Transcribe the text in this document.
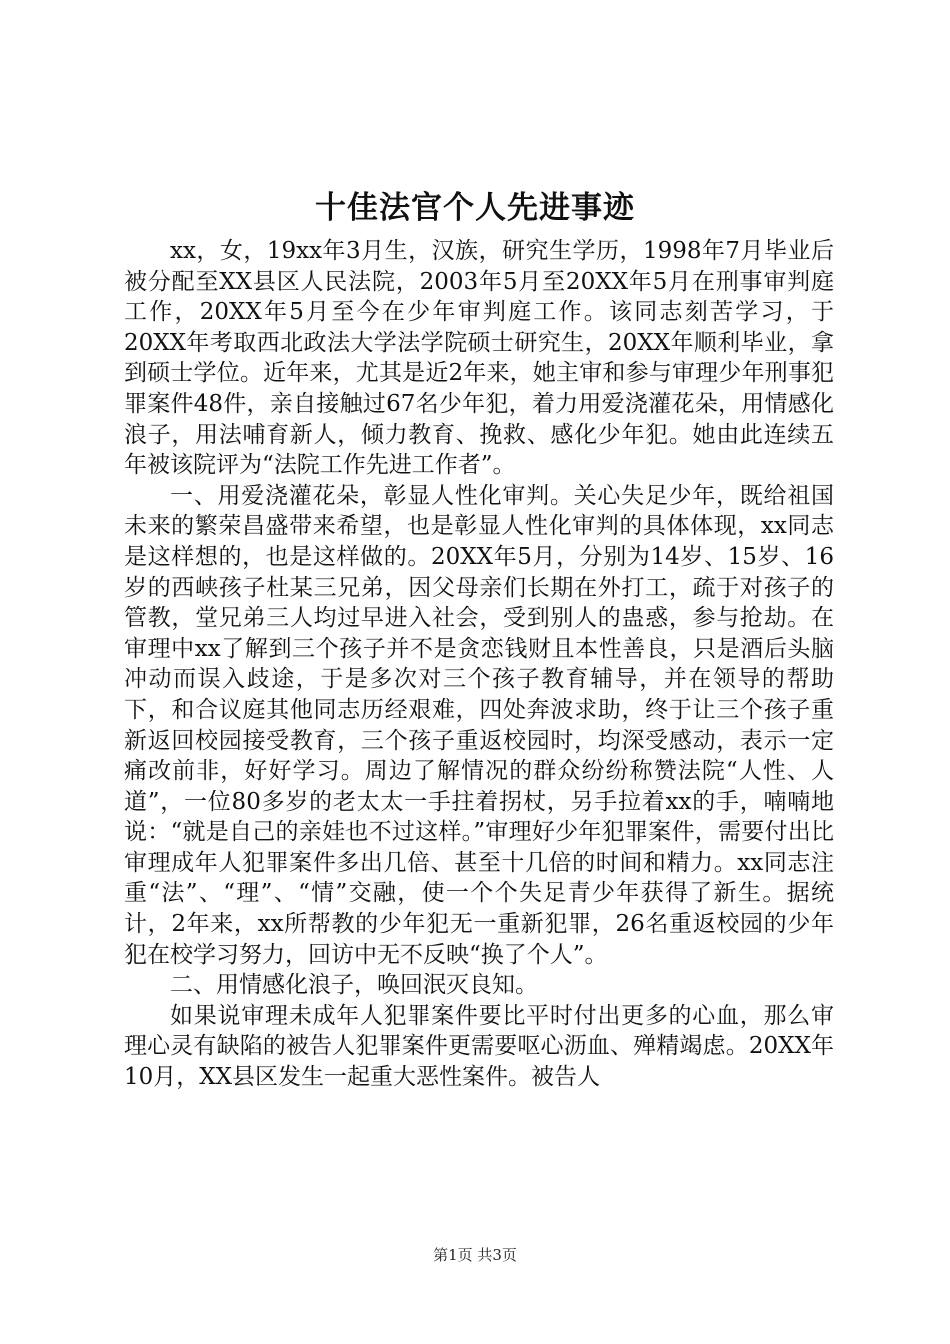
十佳法官个人先进事迹

xx，女，19xx年3月生，汉族，研究生学历，1998年7月毕业后被分配至XX县区人民法院，2003年5月至20XX年5月在刑事审判庭工作，20XX年5月至今在少年审判庭工作。该同志刻苦学习，于20XX年考取西北政法大学法学院硕士研究生，20XX年顺利毕业，拿到硕士学位。近年来，尤其是近2年来，她主审和参与审理少年刑事犯罪案件48件，亲自接触过67名少年犯，着力用爱浇灌花朵，用情感化浪子，用法哺育新人，倾力教育、挽救、感化少年犯。她由此连续五年被该院评为“法院工作先进工作者”。

一、用爱浇灌花朵，彰显人性化审判。关心失足少年，既给祖国未来的繁荣昌盛带来希望，也是彰显人性化审判的具体体现，xx同志是这样想的，也是这样做的。20XX年5月，分别为14岁、15岁、16岁的西峡孩子杜某三兄弟，因父母亲们长期在外打工，疏于对孩子的管教，堂兄弟三人均过早进入社会，受到别人的蛊惑，参与抢劫。在审理中xx了解到三个孩子并不是贪恋钱财且本性善良，只是酒后头脑冲动而误入歧途，于是多次对三个孩子教育辅导，并在领导的帮助下，和合议庭其他同志历经艰难，四处奔波求助，终于让三个孩子重新返回校园接受教育，三个孩子重返校园时，均深受感动，表示一定痛改前非，好好学习。周边了解情况的群众纷纷称赞法院“人性、人道”，一位80多岁的老太太一手拄着拐杖，另手拉着xx的手，喃喃地说：“就是自己的亲娃也不过这样。”审理好少年犯罪案件，需要付出比审理成年人犯罪案件多出几倍、甚至十几倍的时间和精力。xx同志注重“法”、“理”、“情”交融，使一个个失足青少年获得了新生。据统计，2年来，xx所帮教的少年犯无一重新犯罪，26名重返校园的少年犯在校学习努力，回访中无不反映“换了个人”。

二、用情感化浪子，唤回泯灭良知。

如果说审理未成年人犯罪案件要比平时付出更多的心血，那么审理心灵有缺陷的被告人犯罪案件更需要呕心沥血、殚精竭虑。20XX年10月，XX县区发生一起重大恶性案件。被告人

第1页 共3页
